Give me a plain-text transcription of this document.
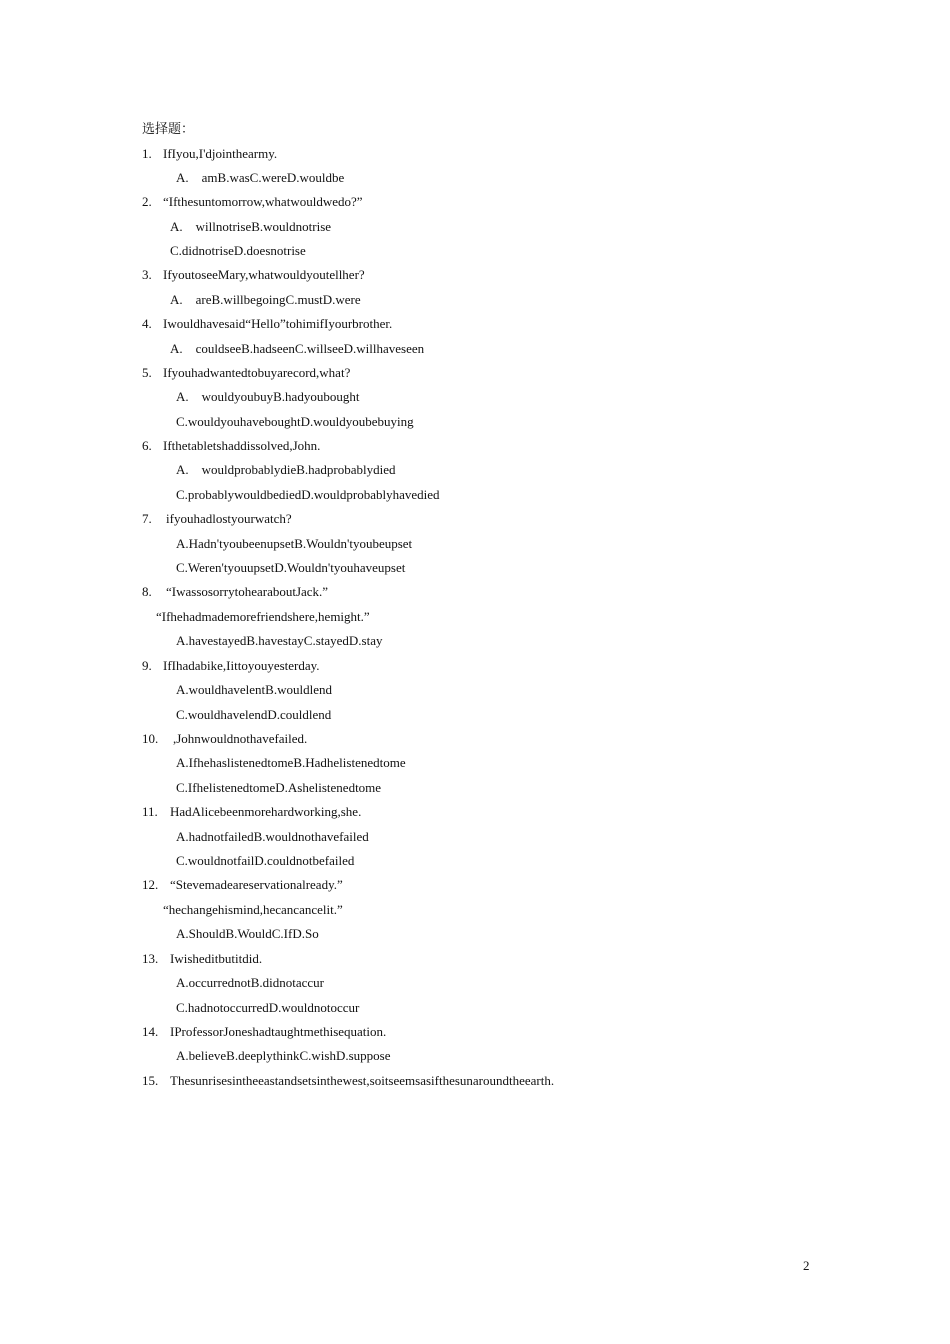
选择题：
1. IfIyou,I'djointhearmy.
A. amB.wasC.wereD.wouldbe
2. “Ifthesuntomorrow,whatwouldwedo?”
A. willnotriseB.wouldnotrise
C.didnotriseD.doesnotrise
3. IfyoutoseeMary,whatwouldyoutellher?
A. areB.willbegoingC.mustD.were
4. Iwouldhavesaid“Hello”tohimifIyourbrother.
A. couldseeB.hadseenC.willseeD.willhaveseen
5. Ifyouhadwantedtobuyarecord,what?
A. wouldyoubuyB.hadyoubought
C.wouldyouhaveboughtD.wouldyoubebuying
6. Ifthetabletshaddissolved,John.
A. wouldprobablydieB.hadprobablydied
C.probablywouldbediedD.wouldprobablyhavedied
7. ifyouhadlostyourwatch?
A.Hadn'tyoubeenupsetB.Wouldn'tyoubeupset
C.Weren'tyouupsetD.Wouldn'tyouhaveupset
8. “IwassosorrytohearaboutJack.”
“Ifhehadmademorefriendshere,hemight.”
A.havestayedB.havestayC.stayedD.stay
9. IfIhadabike,Iittoyouyesterday.
A.wouldhavelentB.wouldlend
C.wouldhavelendD.couldlend
10. ,Johnwouldnothavefailed.
A.IfhehaslistenedtomeB.Hadhelistenedtome
C.IfhelistenedtomeD.Ashelistenedtome
11. HadAlicebeenmorehardworking,she.
A.hadnotfailedB.wouldnothavefailed
C.wouldnotfailD.couldnotbefailed
12. “Stevemadeareservationalready.”
“hechangehismind,hecancancelit.”
A.ShouldB.WouldC.IfD.So
13. Iwisheditbutitdid.
A.occurrednotB.didnotaccur
C.hadnotoccurredD.wouldnotoccur
14. IProfessorJoneshadtaughtmethisequation.
A.believeB.deeplythinkC.wishD.suppose
15. Thesunrisesintheeastandsetsinthewest,soitseemsasifthesunaroundtheearth.
2
